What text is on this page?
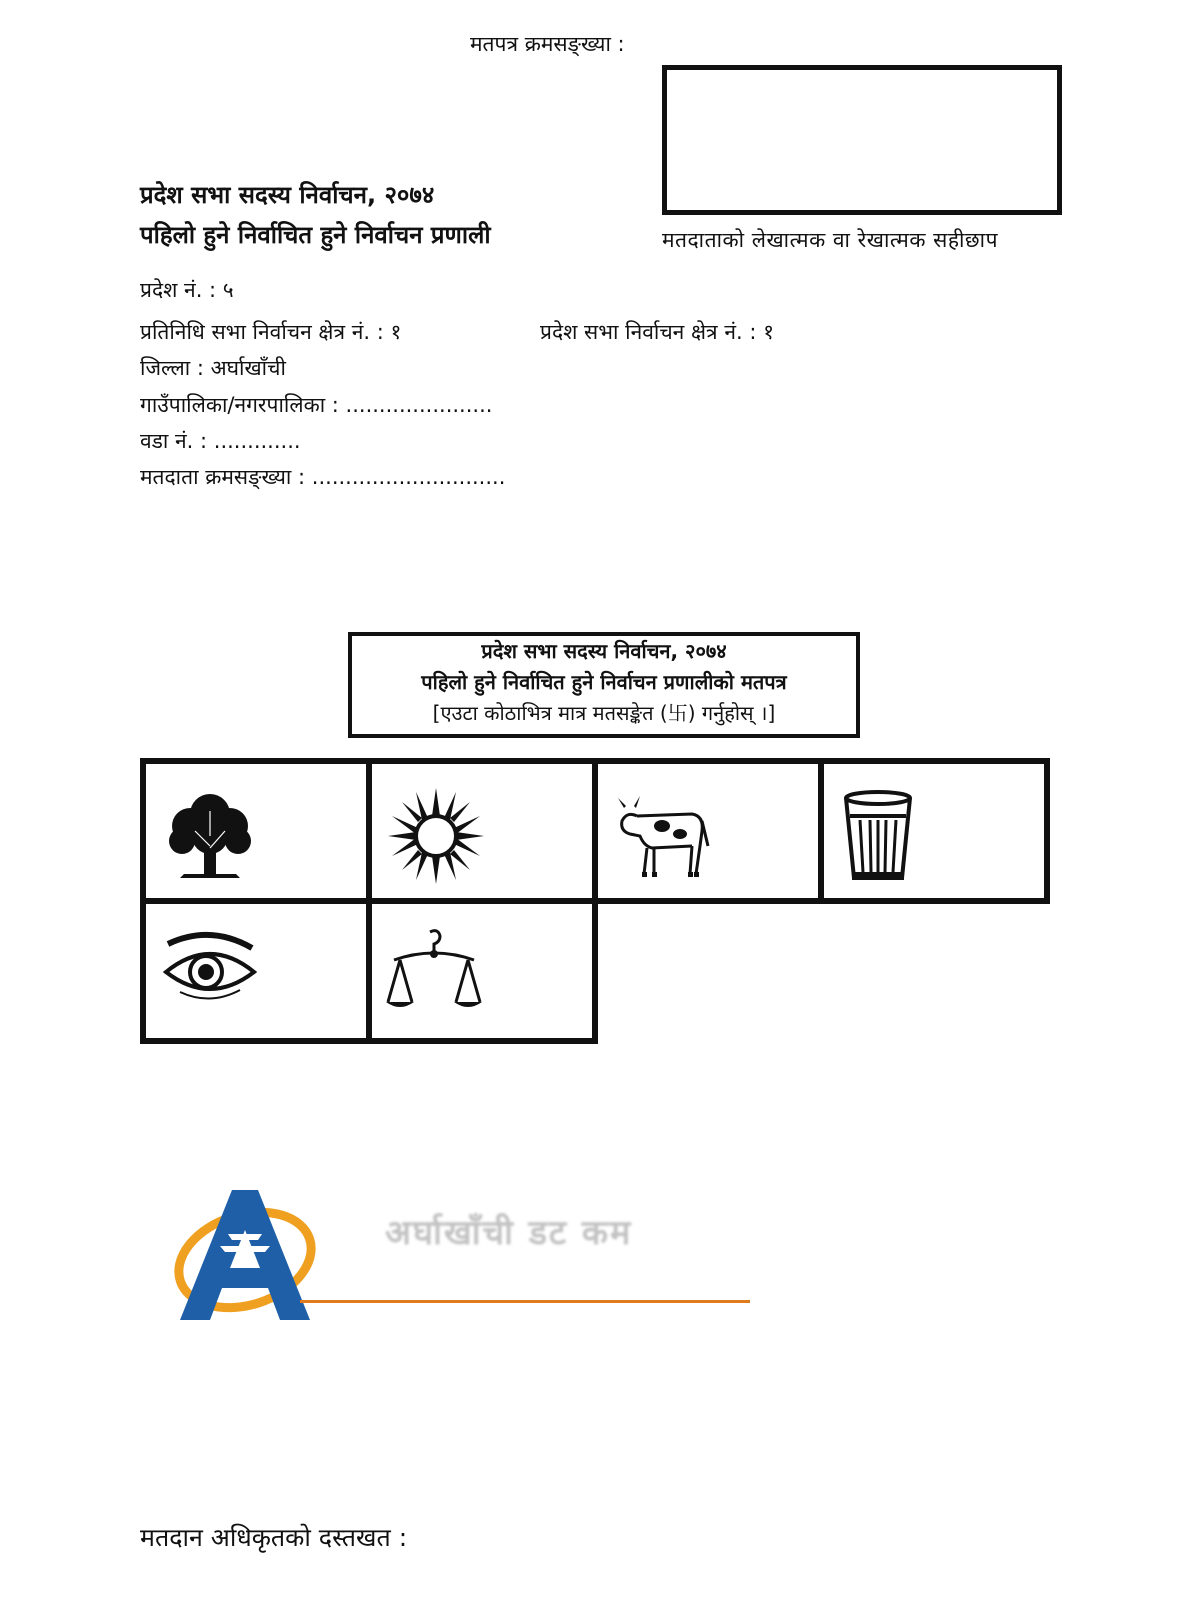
मतपत्र क्रमसङ्ख्या :
मतदाताको लेखात्मक वा रेखात्मक सहीछाप
प्रदेश सभा सदस्य निर्वाचन, २०७४
पहिलो हुने निर्वाचित हुने निर्वाचन प्रणाली
प्रदेश नं. : ५
प्रतिनिधि सभा निर्वाचन क्षेत्र नं. : १	प्रदेश सभा निर्वाचन क्षेत्र नं. : १
जिल्ला : अर्घाखाँची
गाउँपालिका/नगरपालिका : ......................
वडा नं. : .............
मतदाता क्रमसङ्ख्या : .............................
प्रदेश सभा सदस्य निर्वाचन, २०७४
पहिलो हुने निर्वाचित हुने निर्वाचन प्रणालीको मतपत्र
[एउटा कोठाभित्र मात्र मतसङ्केत (卐) गर्नुहोस् ।]
अर्घाखाँची डट कम
मतदान अधिकृतको दस्तखत :
